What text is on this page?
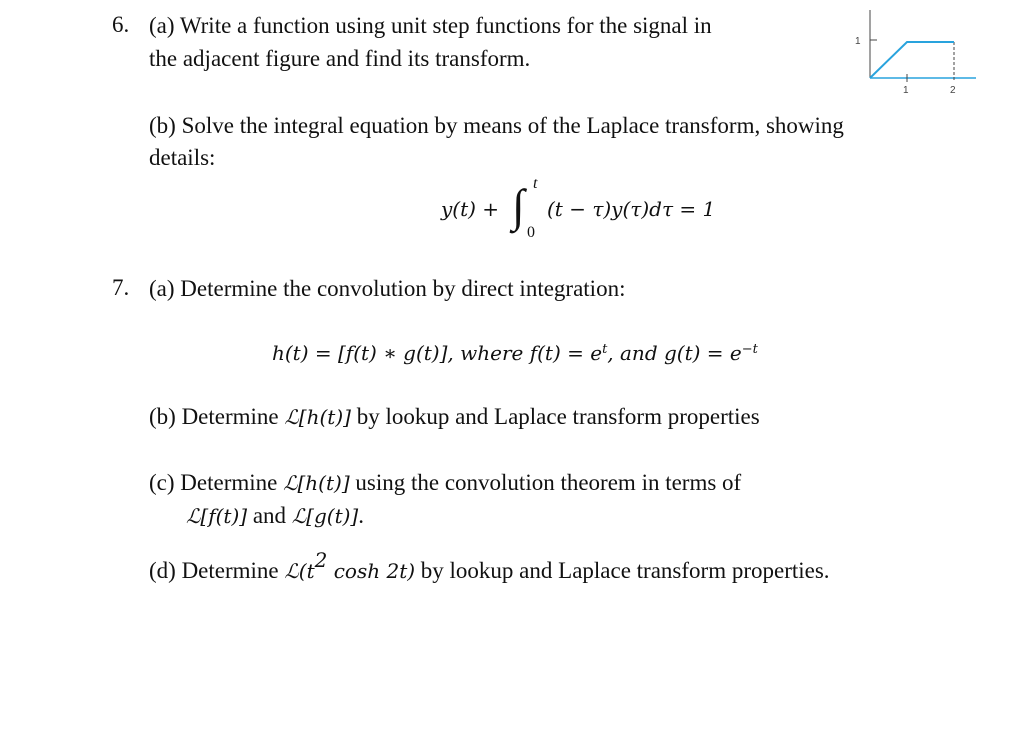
6. (a) Write a function using unit step functions for the signal in
the adjacent figure and find its transform.
1
1	2
(b) Solve the integral equation by means of the Laplace transform, showing
details:
y(t) + ∫ t
0
(t − τ)y(τ)dτ = 1
7. (a) Determine the convolution by direct integration:
h(t) = [f(t) ∗ g(t)], where $f(t) = e^t$, and $g(t) = e^{-t}$
(b) Determine ℒ[h(t)] by lookup and Laplace transform properties
(c) Determine ℒ[h(t)] using the convolution theorem in terms of
ℒ[f(t)] and ℒ[g(t)].
(d) Determine $ℒ(t^2$ cosh 2t) by lookup and Laplace transform properties.
